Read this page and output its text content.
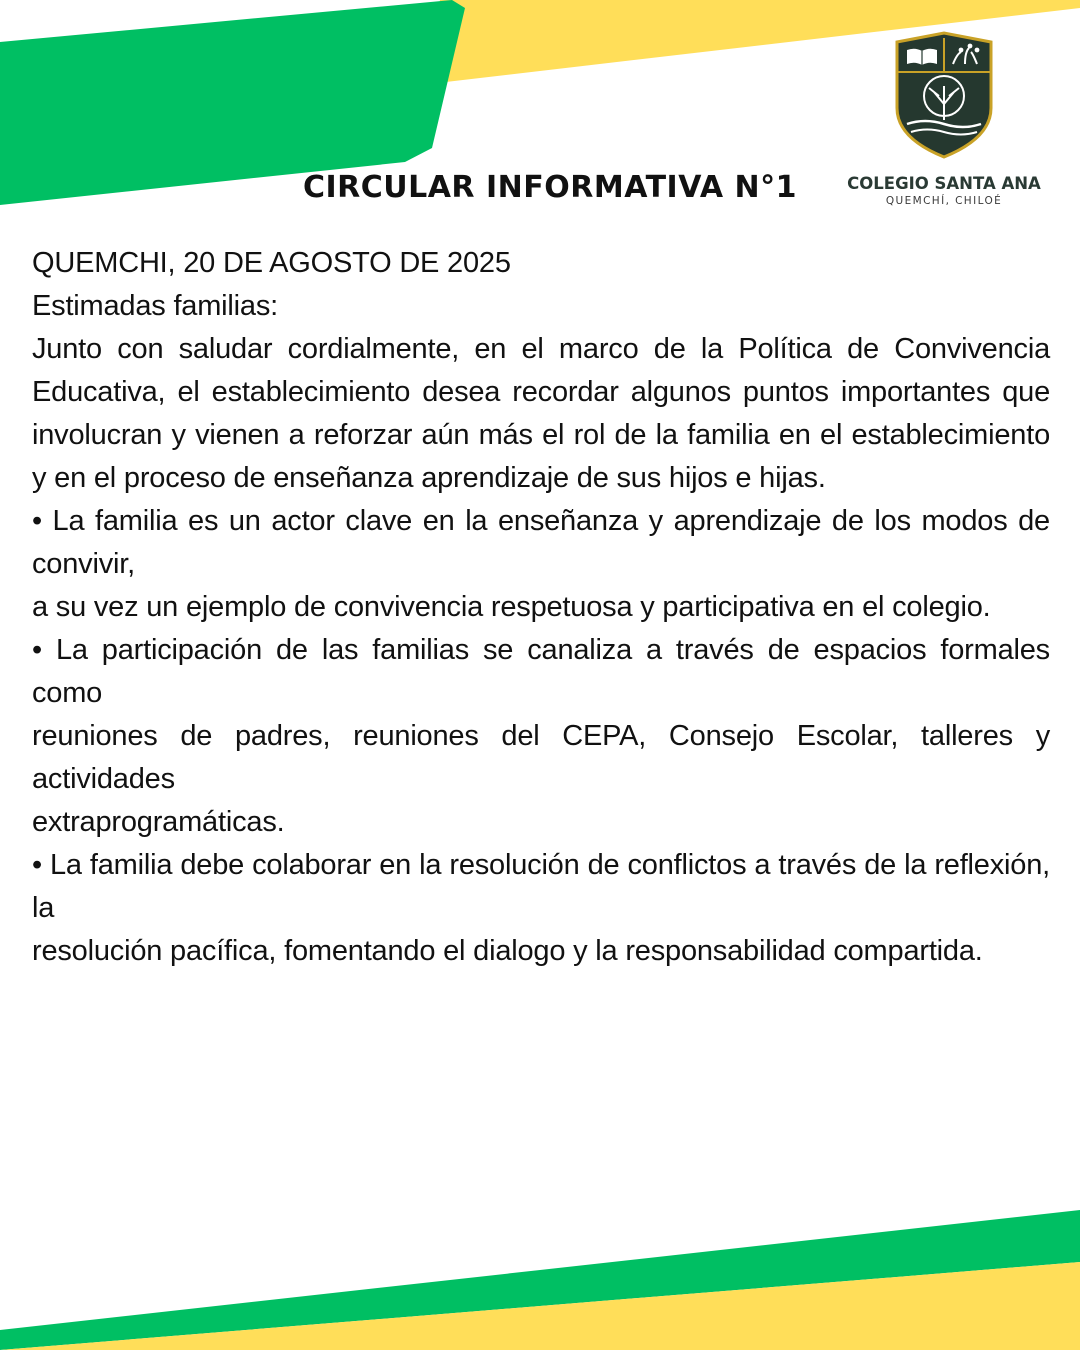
CIRCULAR INFORMATIVA N°1	COLEGIO SANTA ANA
QUEMCHÍ, CHILOÉ

QUEMCHI, 20 DE AGOSTO DE 2025

Estimadas familias:

Junto con saludar cordialmente, en el marco de la Política de Convivencia Educativa, el establecimiento desea recordar algunos puntos importantes que involucran y vienen a reforzar aún más el rol de la familia en el establecimiento y en el proceso de enseñanza aprendizaje de sus hijos e hijas.

• La familia es un actor clave en la enseñanza y aprendizaje de los modos de convivir,

a su vez un ejemplo de convivencia respetuosa y participativa en el colegio.

• La participación de las familias se canaliza a través de espacios formales como

reuniones de padres, reuniones del CEPA, Consejo Escolar, talleres y actividades

extraprogramáticas.

• La familia debe colaborar en la resolución de conflictos a través de la reflexión, la

resolución pacífica, fomentando el dialogo y la responsabilidad compartida.
